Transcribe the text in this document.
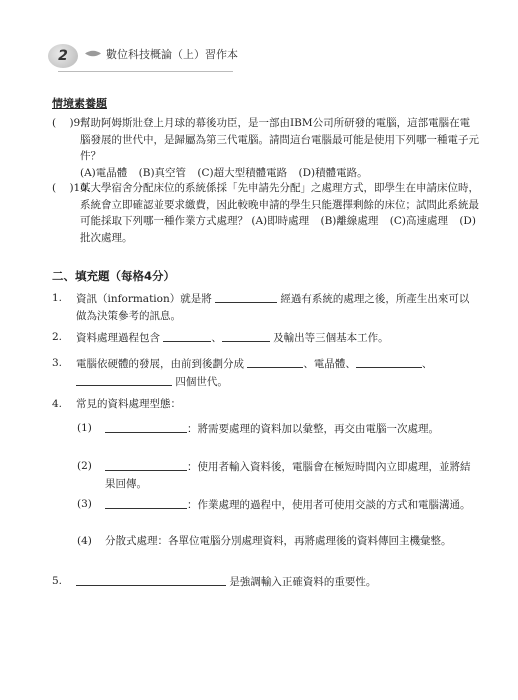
2	數位科技概論（上）習作本
情境素養題
(    )9.
幫助阿姆斯壯登上月球的幕後功臣，是一部由IBM公司所研發的電腦，這部電腦在電腦發展的世代中，是歸屬為第三代電腦。請問這台電腦最可能是使用下列哪一種電子元件？
(A)電晶體 (B)真空管 (C)超大型積體電路 (D)積體電路。
(    )10.
某大學宿舍分配床位的系統係採「先申請先分配」之處理方式，即學生在申請床位時，系統會立即確認並要求繳費，因此較晚申請的學生只能選擇剩餘的床位；試問此系統最可能採取下列哪一種作業方式處理？ (A)即時處理 (B)離線處理 (C)高速處理 (D)批次處理。
二、填充題（每格4分）
1.	資訊（information）就是將	經過有系統的處理之後，所產生出來可以做為決策參考的訊息。
2.	資料處理過程包含	、	及輸出等三個基本工作。
3.	電腦依硬體的發展，由前到後劃分成	、電晶體、	、
四個世代。
4.	常見的資料處理型態：
(1)	：將需要處理的資料加以彙整，再交由電腦一次處理。
(2)	：使用者輸入資料後，電腦會在極短時間內立即處理，並將結果回傳。
(3)	：作業處理的過程中，使用者可使用交談的方式和電腦溝通。
(4)	分散式處理：各單位電腦分別處理資料，再將處理後的資料傳回主機彙整。
5.	是強調輸入正確資料的重要性。
